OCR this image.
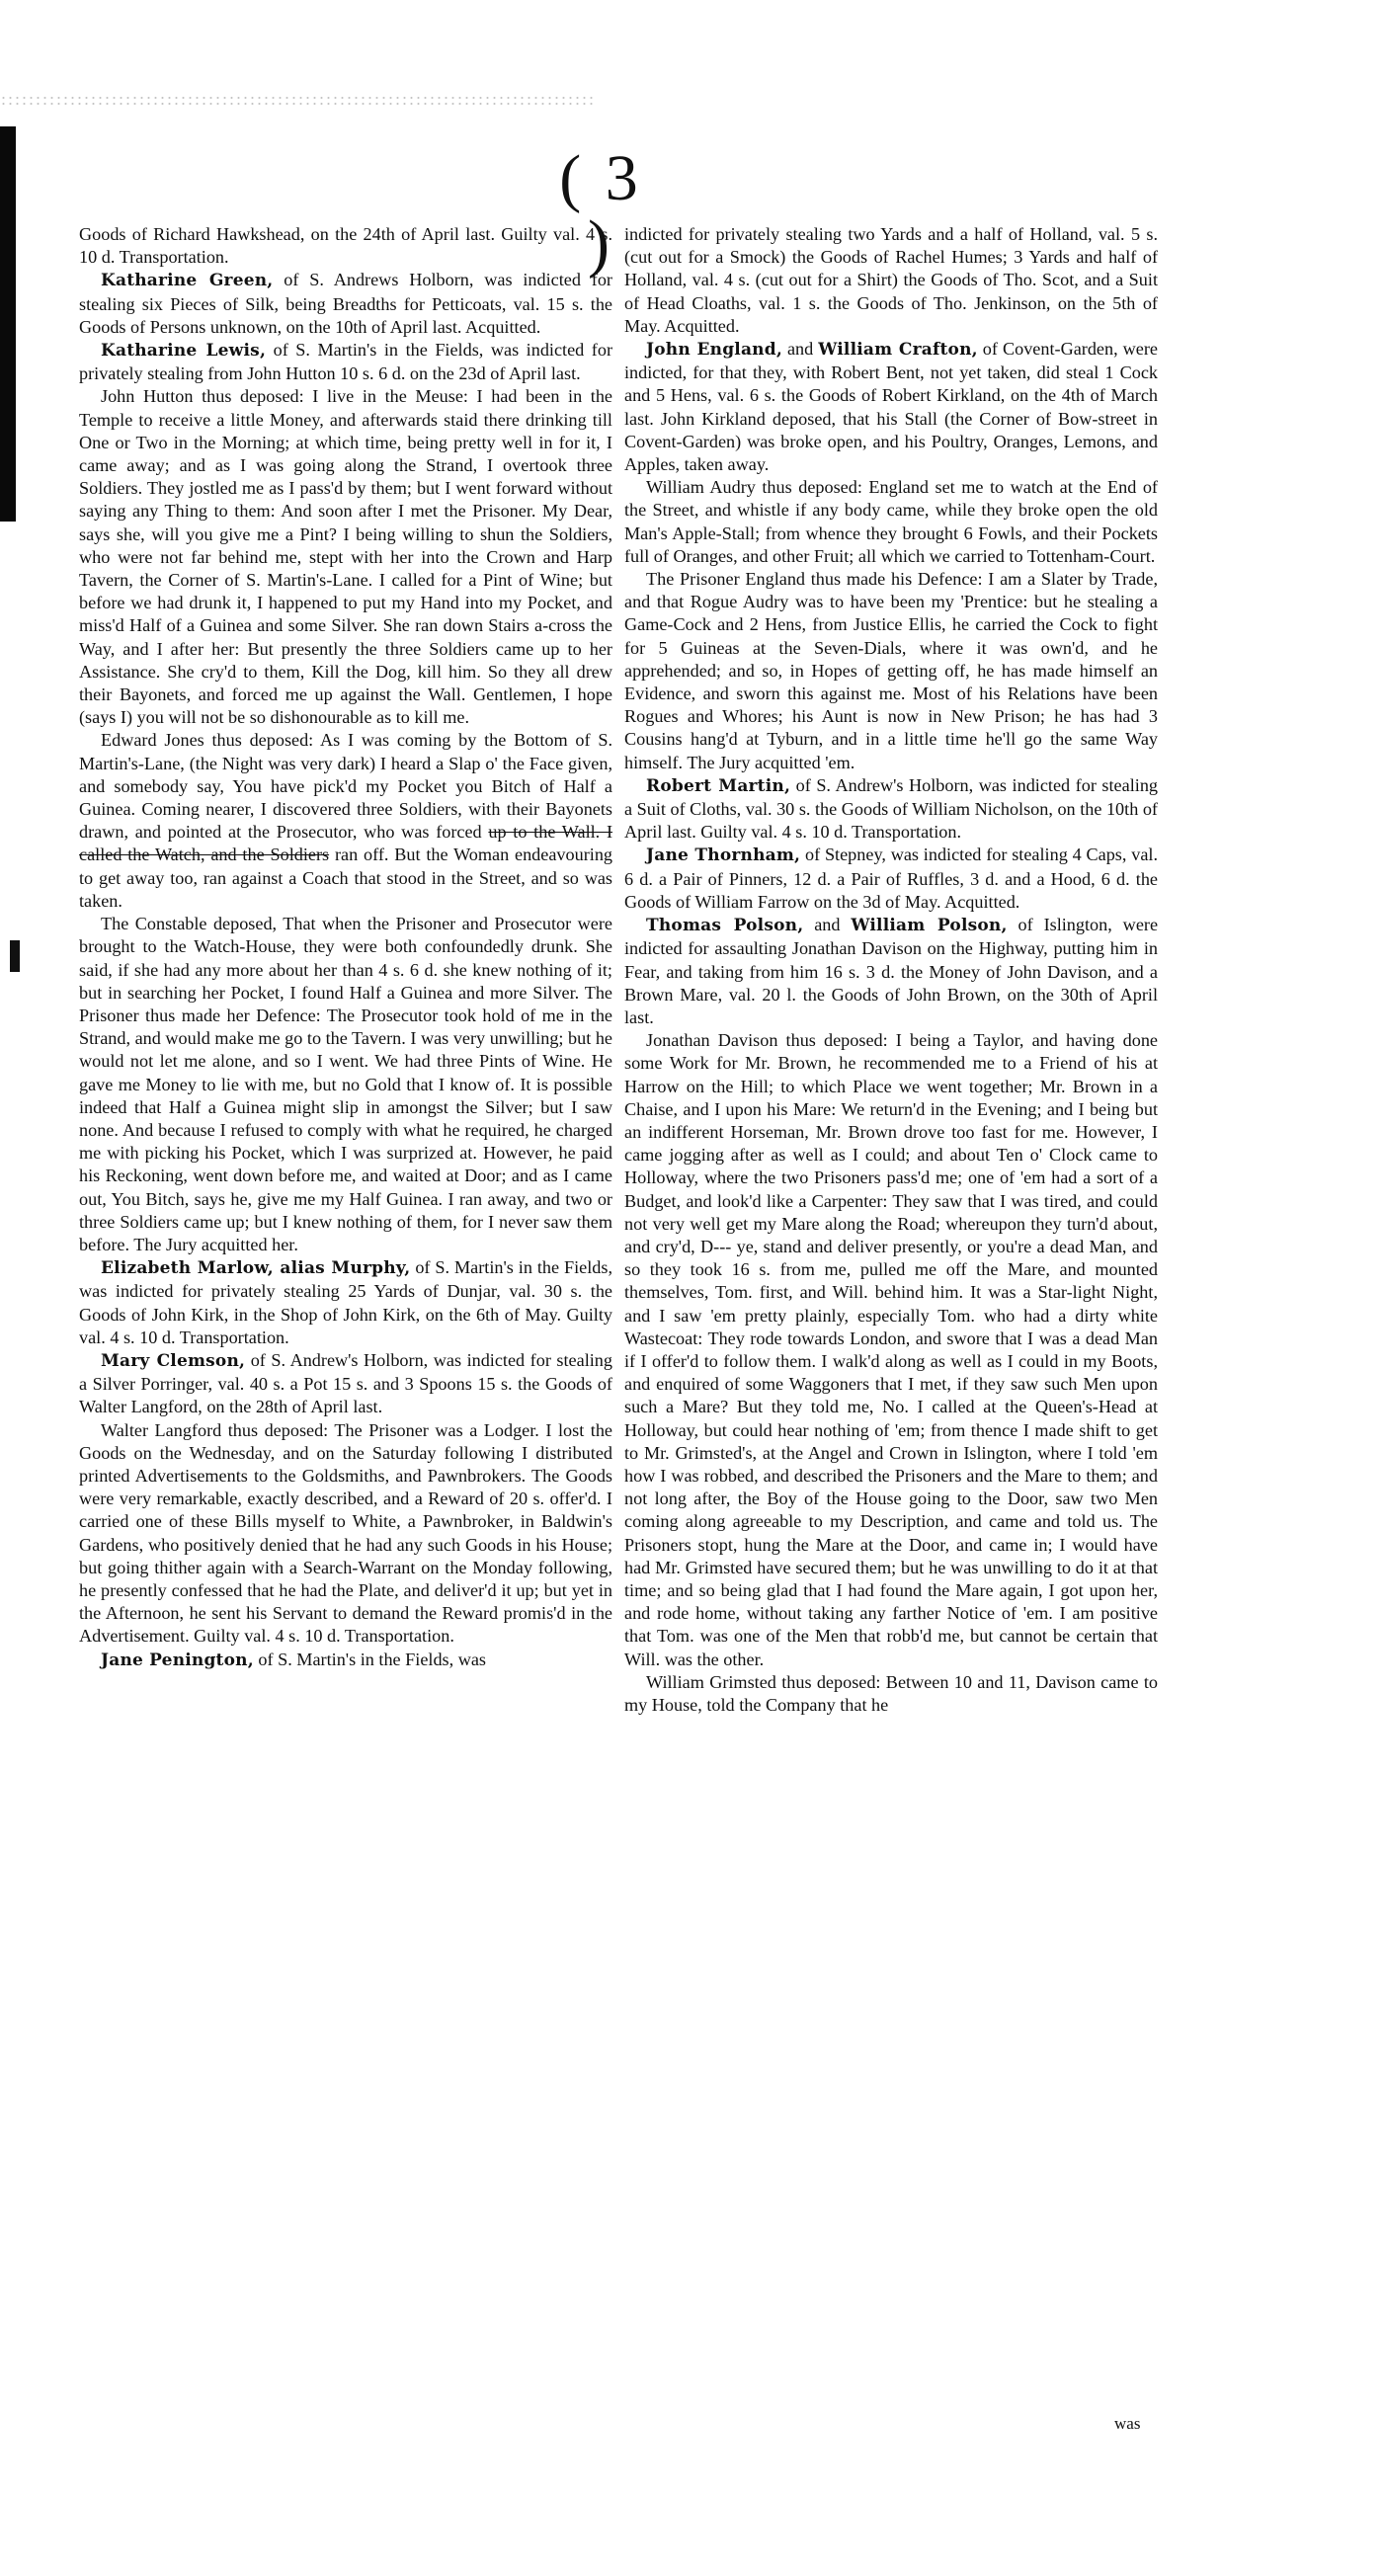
( 3 )

Goods of Richard Hawkshead, on the 24th of April last. Guilty val. 4 s. 10 d. Transportation.

Katharine Green, of S. Andrews Holborn, was indicted for stealing six Pieces of Silk, being Breadths for Petticoats, val. 15 s. the Goods of Persons unknown, on the 10th of April last. Acquitted.

Katharine Lewis, of S. Martin's in the Fields, was indicted for privately stealing from John Hutton 10 s. 6 d. on the 23d of April last.

John Hutton thus deposed: I live in the Meuse: I had been in the Temple to receive a little Money, and afterwards staid there drinking till One or Two in the Morning; at which time, being pretty well in for it, I came away; and as I was going along the Strand, I overtook three Soldiers. They jostled me as I pass'd by them; but I went forward without saying any Thing to them: And soon after I met the Prisoner. My Dear, says she, will you give me a Pint? I being willing to shun the Soldiers, who were not far behind me, stept with her into the Crown and Harp Tavern, the Corner of S. Martin's-Lane. I called for a Pint of Wine; but before we had drunk it, I happened to put my Hand into my Pocket, and miss'd Half of a Guinea and some Silver. She ran down Stairs a-cross the Way, and I after her: But presently the three Soldiers came up to her Assistance. She cry'd to them, Kill the Dog, kill him. So they all drew their Bayonets, and forced me up against the Wall. Gentlemen, I hope (says I) you will not be so dishonourable as to kill me.

Edward Jones thus deposed: As I was coming by the Bottom of S. Martin's-Lane, (the Night was very dark) I heard a Slap o' the Face given, and somebody say, You have pick'd my Pocket you Bitch of Half a Guinea. Coming nearer, I discovered three Soldiers, with their Bayonets drawn, and pointed at the Prosecutor, who was forced up to the Wall. I called the Watch, and the Soldiers ran off. But the Woman endeavouring to get away too, ran against a Coach that stood in the Street, and so was taken.

The Constable deposed, That when the Prisoner and Prosecutor were brought to the Watch-House, they were both confoundedly drunk. She said, if she had any more about her than 4 s. 6 d. she knew nothing of it; but in searching her Pocket, I found Half a Guinea and more Silver. The Prisoner thus made her Defence: The Prosecutor took hold of me in the Strand, and would make me go to the Tavern. I was very unwilling; but he would not let me alone, and so I went. We had three Pints of Wine. He gave me Money to lie with me, but no Gold that I know of. It is possible indeed that Half a Guinea might slip in amongst the Silver; but I saw none. And because I refused to comply with what he required, he charged me with picking his Pocket, which I was surprized at. However, he paid his Reckoning, went down before me, and waited at Door; and as I came out, You Bitch, says he, give me my Half Guinea. I ran away, and two or three Soldiers came up; but I knew nothing of them, for I never saw them before. The Jury acquitted her.

Elizabeth Marlow, alias Murphy, of S. Martin's in the Fields, was indicted for privately stealing 25 Yards of Dunjar, val. 30 s. the Goods of John Kirk, in the Shop of John Kirk, on the 6th of May. Guilty val. 4 s. 10 d. Transportation.

Mary Clemson, of S. Andrew's Holborn, was indicted for stealing a Silver Porringer, val. 40 s. a Pot 15 s. and 3 Spoons 15 s. the Goods of Walter Langford, on the 28th of April last.

Walter Langford thus deposed: The Prisoner was a Lodger. I lost the Goods on the Wednesday, and on the Saturday following I distributed printed Advertisements to the Goldsmiths, and Pawnbrokers. The Goods were very remarkable, exactly described, and a Reward of 20 s. offer'd. I carried one of these Bills myself to White, a Pawnbroker, in Baldwin's Gardens, who positively denied that he had any such Goods in his House; but going thither again with a Search-Warrant on the Monday following, he presently confessed that he had the Plate, and deliver'd it up; but yet in the Afternoon, he sent his Servant to demand the Reward promis'd in the Advertisement. Guilty val. 4 s. 10 d. Transportation.

Jane Penington, of S. Martin's in the Fields, was

indicted for privately stealing two Yards and a half of Holland, val. 5 s. (cut out for a Smock) the Goods of Rachel Humes; 3 Yards and half of Holland, val. 4 s. (cut out for a Shirt) the Goods of Tho. Scot, and a Suit of Head Cloaths, val. 1 s. the Goods of Tho. Jenkinson, on the 5th of May. Acquitted.

John England, and William Crafton, of Covent-Garden, were indicted, for that they, with Robert Bent, not yet taken, did steal 1 Cock and 5 Hens, val. 6 s. the Goods of Robert Kirkland, on the 4th of March last. John Kirkland deposed, that his Stall (the Corner of Bow-street in Covent-Garden) was broke open, and his Poultry, Oranges, Lemons, and Apples, taken away.

William Audry thus deposed: England set me to watch at the End of the Street, and whistle if any body came, while they broke open the old Man's Apple-Stall; from whence they brought 6 Fowls, and their Pockets full of Oranges, and other Fruit; all which we carried to Tottenham-Court.

The Prisoner England thus made his Defence: I am a Slater by Trade, and that Rogue Audry was to have been my 'Prentice: but he stealing a Game-Cock and 2 Hens, from Justice Ellis, he carried the Cock to fight for 5 Guineas at the Seven-Dials, where it was own'd, and he apprehended; and so, in Hopes of getting off, he has made himself an Evidence, and sworn this against me. Most of his Relations have been Rogues and Whores; his Aunt is now in New Prison; he has had 3 Cousins hang'd at Tyburn, and in a little time he'll go the same Way himself. The Jury acquitted 'em.

Robert Martin, of S. Andrew's Holborn, was indicted for stealing a Suit of Cloths, val. 30 s. the Goods of William Nicholson, on the 10th of April last. Guilty val. 4 s. 10 d. Transportation.

Jane Thornham, of Stepney, was indicted for stealing 4 Caps, val. 6 d. a Pair of Pinners, 12 d. a Pair of Ruffles, 3 d. and a Hood, 6 d. the Goods of William Farrow on the 3d of May. Acquitted.

Thomas Polson, and William Polson, of Islington, were indicted for assaulting Jonathan Davison on the Highway, putting him in Fear, and taking from him 16 s. 3 d. the Money of John Davison, and a Brown Mare, val. 20 l. the Goods of John Brown, on the 30th of April last.

Jonathan Davison thus deposed: I being a Taylor, and having done some Work for Mr. Brown, he recommended me to a Friend of his at Harrow on the Hill; to which Place we went together; Mr. Brown in a Chaise, and I upon his Mare: We return'd in the Evening; and I being but an indifferent Horseman, Mr. Brown drove too fast for me. However, I came jogging after as well as I could; and about Ten o' Clock came to Holloway, where the two Prisoners pass'd me; one of 'em had a sort of a Budget, and look'd like a Carpenter: They saw that I was tired, and could not very well get my Mare along the Road; whereupon they turn'd about, and cry'd, D--- ye, stand and deliver presently, or you're a dead Man, and so they took 16 s. from me, pulled me off the Mare, and mounted themselves, Tom. first, and Will. behind him. It was a Star-light Night, and I saw 'em pretty plainly, especially Tom. who had a dirty white Wastecoat: They rode towards London, and swore that I was a dead Man if I offer'd to follow them. I walk'd along as well as I could in my Boots, and enquired of some Waggoners that I met, if they saw such Men upon such a Mare? But they told me, No. I called at the Queen's-Head at Holloway, but could hear nothing of 'em; from thence I made shift to get to Mr. Grimsted's, at the Angel and Crown in Islington, where I told 'em how I was robbed, and described the Prisoners and the Mare to them; and not long after, the Boy of the House going to the Door, saw two Men coming along agreeable to my Description, and came and told us. The Prisoners stopt, hung the Mare at the Door, and came in; I would have had Mr. Grimsted have secured them; but he was unwilling to do it at that time; and so being glad that I had found the Mare again, I got upon her, and rode home, without taking any farther Notice of 'em. I am positive that Tom. was one of the Men that robb'd me, but cannot be certain that Will. was the other.

William Grimsted thus deposed: Between 10 and 11, Davison came to my House, told the Company that he

was
